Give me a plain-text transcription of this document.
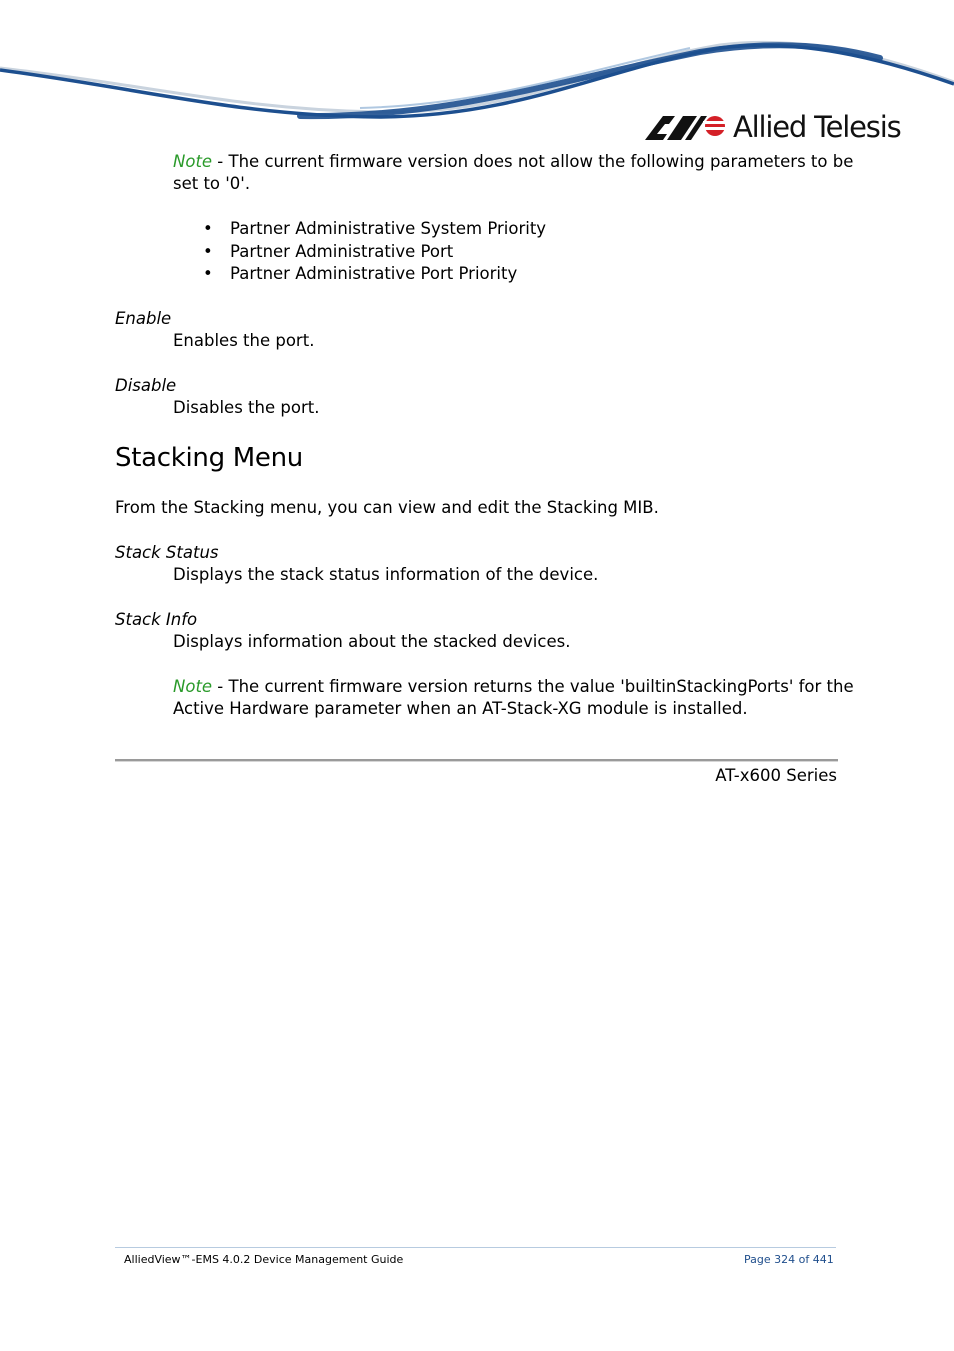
Allied Telesis
Note - The current firmware version does not allow the following parameters to be
set to '0'.
• Partner Administrative System Priority
• Partner Administrative Port
• Partner Administrative Port Priority
Enable
Enables the port.
Disable
Disables the port.
Stacking Menu
From the Stacking menu, you can view and edit the Stacking MIB.
Stack Status
Displays the stack status information of the device.
Stack Info
Displays information about the stacked devices.
Note - The current firmware version returns the value 'builtinStackingPorts' for the
Active Hardware parameter when an AT-Stack-XG module is installed.
AT-x600 Series
AlliedView™-EMS 4.0.2 Device Management Guide	Page 324 of 441
